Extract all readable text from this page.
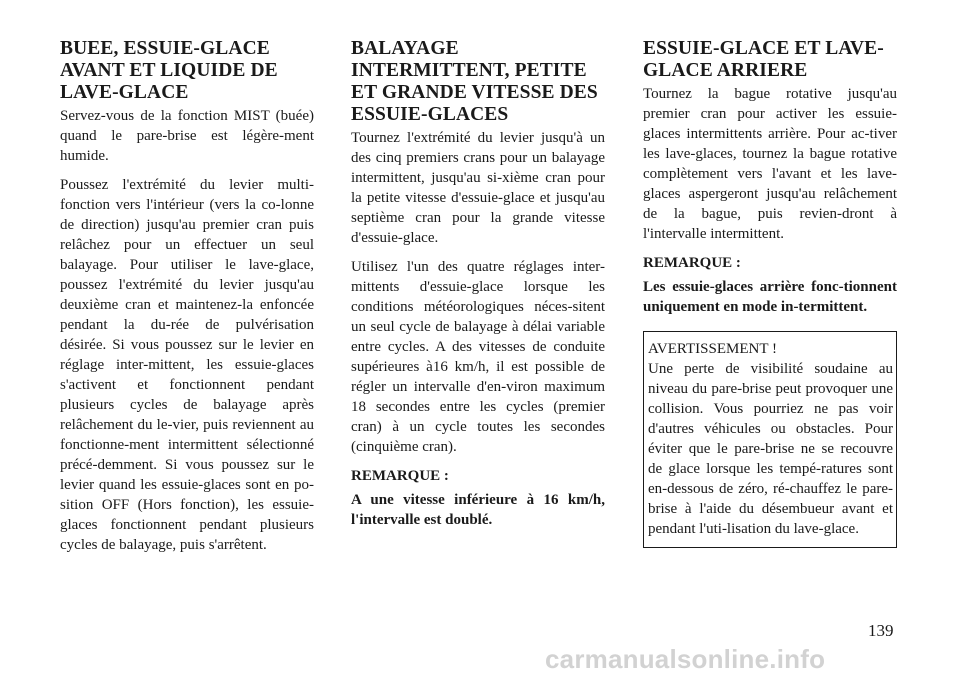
BUEE, ESSUIE-GLACE AVANT ET LIQUIDE DE LAVE-GLACE

Servez-vous de la fonction MIST (buée) quand le pare-brise est légère-ment humide.

Poussez l'extrémité du levier multi-fonction vers l'intérieur (vers la co-lonne de direction) jusqu'au premier cran puis relâchez pour un effectuer un seul balayage. Pour utiliser le lave-glace, poussez l'extrémité du levier jusqu'au deuxième cran et maintenez-la enfoncée pendant la du-rée de pulvérisation désirée. Si vous poussez sur le levier en réglage inter-mittent, les essuie-glaces s'activent et fonctionnent pendant plusieurs cycles de balayage après relâchement du le-vier, puis reviennent au fonctionne-ment intermittent sélectionné précé-demment. Si vous poussez sur le levier quand les essuie-glaces sont en po-sition OFF (Hors fonction), les essuie-glaces fonctionnent pendant plusieurs cycles de balayage, puis s'arrêtent.

BALAYAGE INTERMITTENT, PETITE ET GRANDE VITESSE DES ESSUIE-GLACES

Tournez l'extrémité du levier jusqu'à un des cinq premiers crans pour un balayage intermittent, jusqu'au si-xième cran pour la petite vitesse d'essuie-glace et jusqu'au septième cran pour la grande vitesse d'essuie-glace.

Utilisez l'un des quatre réglages inter-mittents d'essuie-glace lorsque les conditions météorologiques néces-sitent un seul cycle de balayage à délai variable entre cycles. A des vitesses de conduite supérieures à16 km/h, il est possible de régler un intervalle d'en-viron maximum 18 secondes entre les cycles (premier cran) à un cycle toutes les secondes (cinquième cran).

REMARQUE :

A une vitesse inférieure à 16 km/h, l'intervalle est doublé.

ESSUIE-GLACE ET LAVE-GLACE ARRIERE

Tournez la bague rotative jusqu'au premier cran pour activer les essuie-glaces intermittents arrière. Pour ac-tiver les lave-glaces, tournez la bague rotative complètement vers l'avant et les lave-glaces aspergeront jusqu'au relâchement de la bague, puis revien-dront à l'intervalle intermittent.

REMARQUE :

Les essuie-glaces arrière fonc-tionnent uniquement en mode in-termittent.

AVERTISSEMENT !

Une perte de visibilité soudaine au niveau du pare-brise peut provoquer une collision. Vous pourriez ne pas voir d'autres véhicules ou obstacles. Pour éviter que le pare-brise ne se recouvre de glace lorsque les tempé-ratures sont en-dessous de zéro, ré-chauffez le pare-brise à l'aide du désembueur avant et pendant l'uti-lisation du lave-glace.

139
carmanualsonline.info
